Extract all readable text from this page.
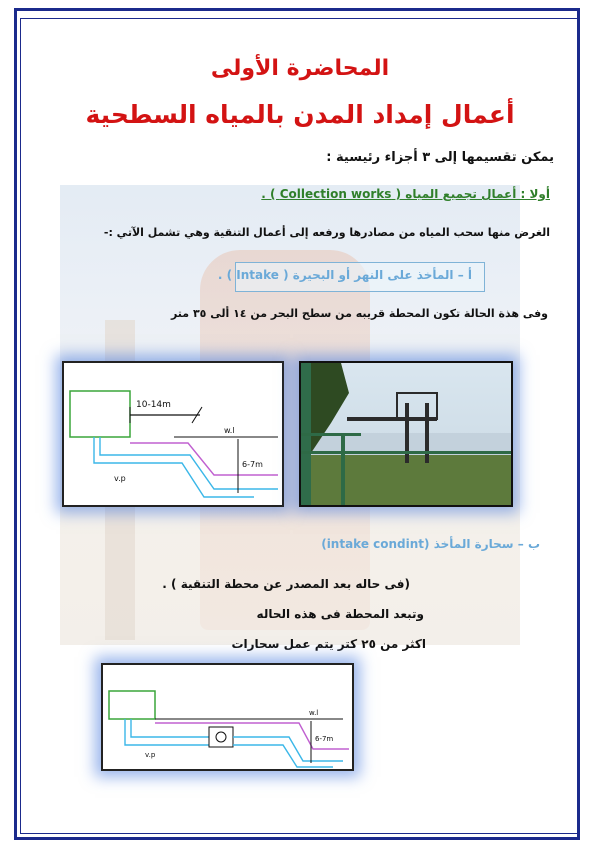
المحاضرة الأولى
أعمال إمداد المدن بالمياه السطحية
يمكن تقسيمها إلى ٣ أجزاء رئيسية :
أولا : أعمال تجميع المياه ( Collection works ) .
الغرض منها سحب المياه من مصادرها ورفعه إلى أعمال التنقية وهي تشمل الآتي :-
أ – المأخذ على النهر أو البحيرة ( Intake ) .
وفى هذة الحالة تكون المحطة قريبه من سطح البحر من ١٤ ألى ٣٥ متر
10-14m
w.l
6-7m
v.p
ب – سحارة المأخذ (intake condint)
(فى حاله بعد المصدر عن محطة التنقية ) .
وتبعد المحطة فى هذه الحاله
اكثر من ٢٥ كتر يتم عمل سحارات
w.l
6-7m
v.p
